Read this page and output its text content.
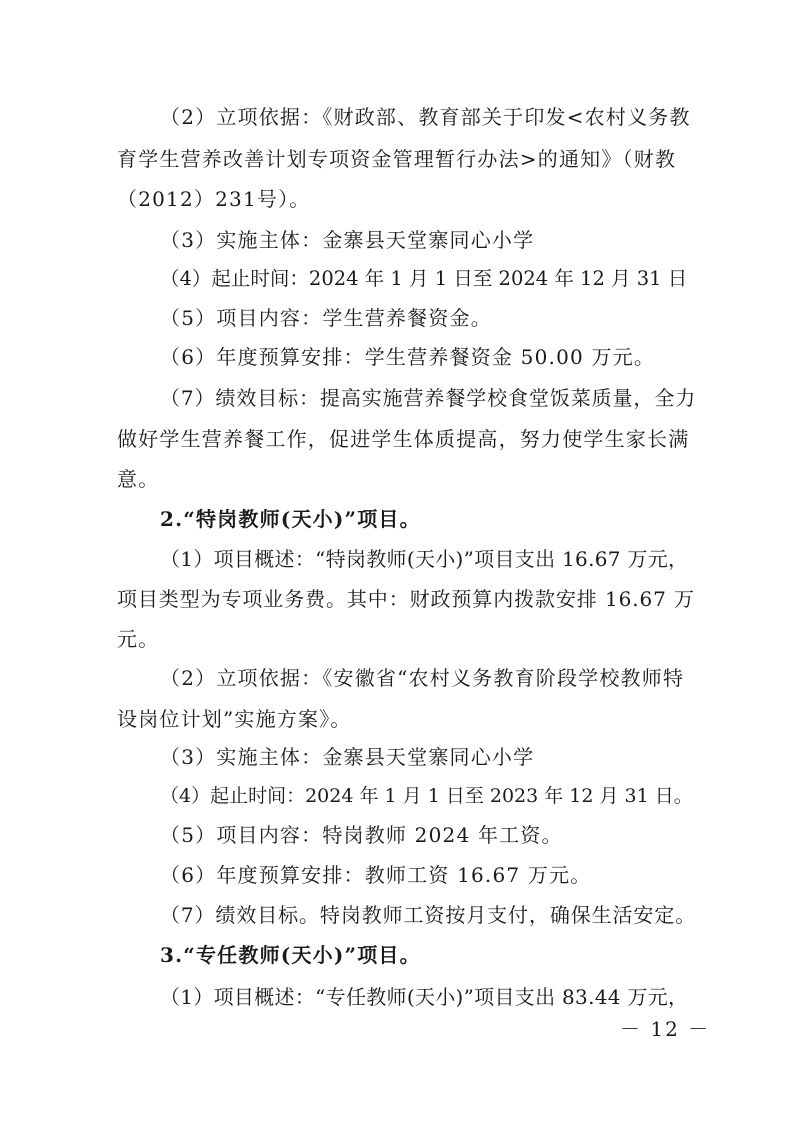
（2）立项依据：《财政部、教育部关于印发<农村义务教
育学生营养改善计划专项资金管理暂行办法>的通知》（财教
（2012）231号）。
（3）实施主体：金寨县天堂寨同心小学
（4）起止时间：2024 年 1 月 1 日至 2024 年 12 月 31 日
（5）项目内容：学生营养餐资金。
（6）年度预算安排：学生营养餐资金 50.00 万元。
（7）绩效目标：提高实施营养餐学校食堂饭菜质量，全力
做好学生营养餐工作，促进学生体质提高，努力使学生家长满
意。
2.“特岗教师(天小)”项目。
（1）项目概述：“特岗教师(天小)”项目支出 16.67 万元，
项目类型为专项业务费。其中：财政预算内拨款安排 16.67 万
元。
（2）立项依据：《安徽省“农村义务教育阶段学校教师特
设岗位计划”实施方案》。
（3）实施主体：金寨县天堂寨同心小学
（4）起止时间：2024 年 1 月 1 日至 2023 年 12 月 31 日。
（5）项目内容：特岗教师 2024 年工资。
（6）年度预算安排：教师工资 16.67 万元。
（7）绩效目标。特岗教师工资按月支付，确保生活安定。
3.“专任教师(天小)”项目。
（1）项目概述：“专任教师(天小)”项目支出 83.44 万元，
－ 12 －
